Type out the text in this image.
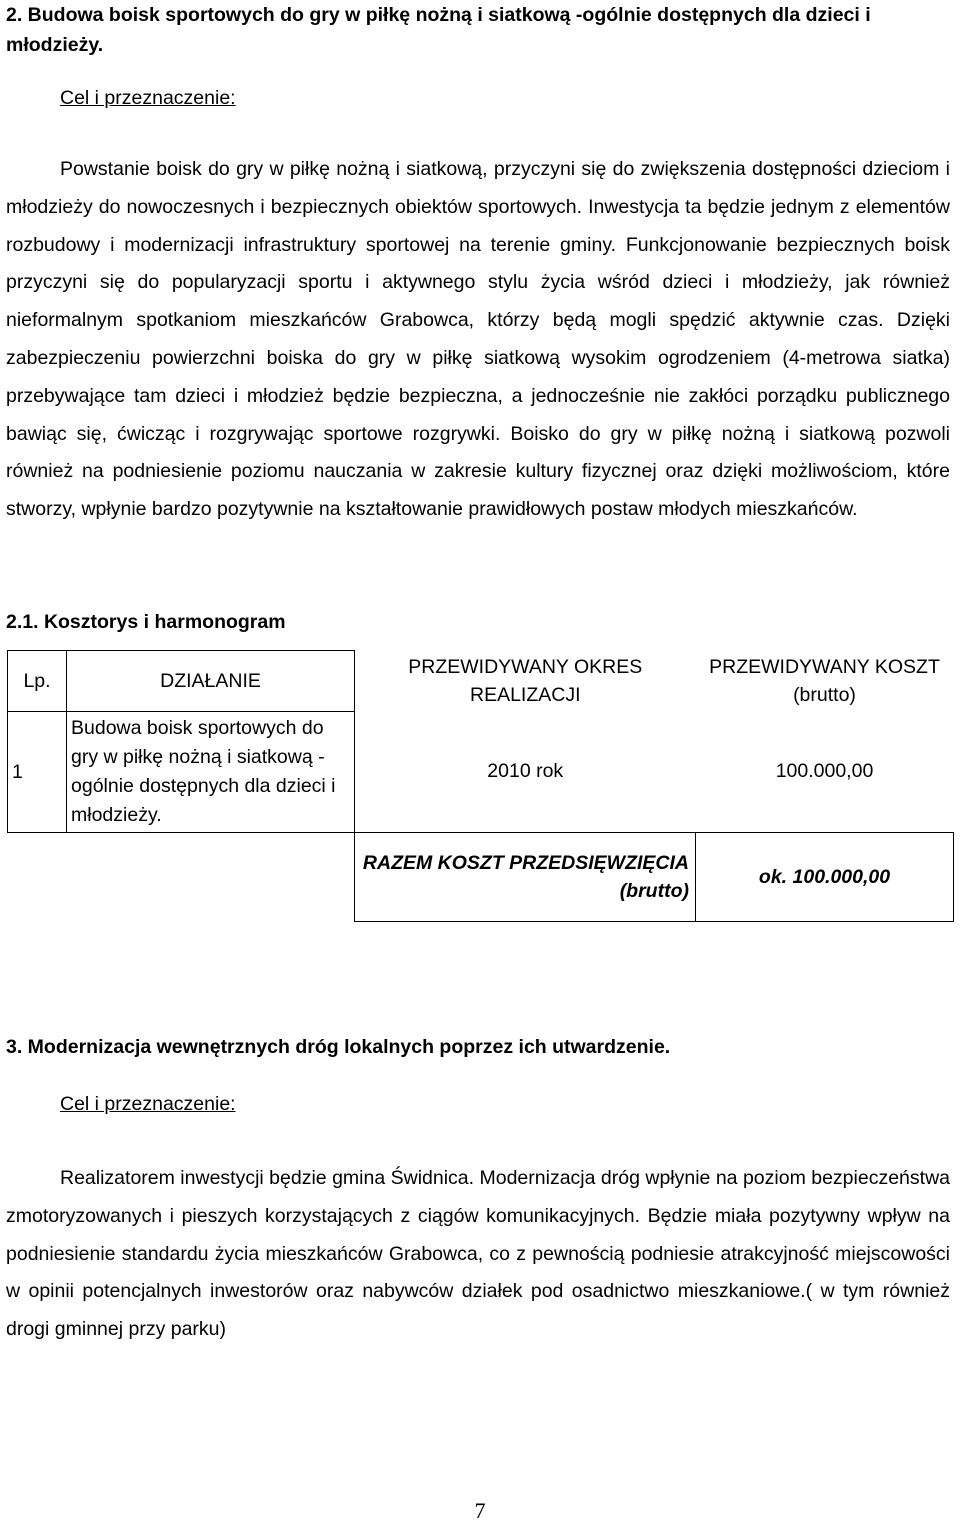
2. Budowa boisk sportowych do gry w piłkę nożną i siatkową -ogólnie dostępnych dla dzieci i młodzieży.
Cel i przeznaczenie:

Powstanie boisk do gry w piłkę nożną i siatkową, przyczyni się do zwiększenia dostępności dzieciom i młodzieży do nowoczesnych i bezpiecznych obiektów sportowych. Inwestycja ta będzie jednym z elementów rozbudowy i modernizacji infrastruktury sportowej na terenie gminy. Funkcjonowanie bezpiecznych boisk przyczyni się do popularyzacji sportu i aktywnego stylu życia wśród dzieci i młodzieży, jak również nieformalnym spotkaniom mieszkańców Grabowca, którzy będą mogli spędzić aktywnie czas. Dzięki zabezpieczeniu powierzchni boiska do gry w piłkę siatkową wysokim ogrodzeniem (4-metrowa siatka) przebywające tam dzieci i młodzież będzie bezpieczna, a jednocześnie nie zakłóci porządku publicznego bawiąc się, ćwicząc i rozgrywając sportowe rozgrywki. Boisko do gry w piłkę nożną i siatkową pozwoli również na podniesienie poziomu nauczania w zakresie kultury fizycznej oraz dzięki możliwościom, które stworzy, wpłynie bardzo pozytywnie na kształtowanie prawidłowych postaw młodych mieszkańców.

2.1. Kosztorys i harmonogram
Lp.	DZIAŁANIE	PRZEWIDYWANY OKRES REALIZACJI	PRZEWIDYWANY KOSZT (brutto)
1	Budowa boisk sportowych do gry w piłkę nożną i siatkową - ogólnie dostępnych dla dzieci i młodzieży.	2010 rok	100.000,00
		RAZEM KOSZT PRZEDSIĘWZIĘCIA (brutto)	ok. 100.000,00
3. Modernizacja wewnętrznych dróg lokalnych poprzez ich utwardzenie.
Cel i przeznaczenie:

Realizatorem inwestycji będzie gmina Świdnica. Modernizacja dróg wpłynie na poziom bezpieczeństwa zmotoryzowanych i pieszych korzystających z ciągów komunikacyjnych. Będzie miała pozytywny wpływ na podniesienie standardu życia mieszkańców Grabowca, co z pewnością podniesie atrakcyjność miejscowości w opinii potencjalnych inwestorów oraz nabywców działek pod osadnictwo mieszkaniowe.( w tym również drogi gminnej przy parku)

7
